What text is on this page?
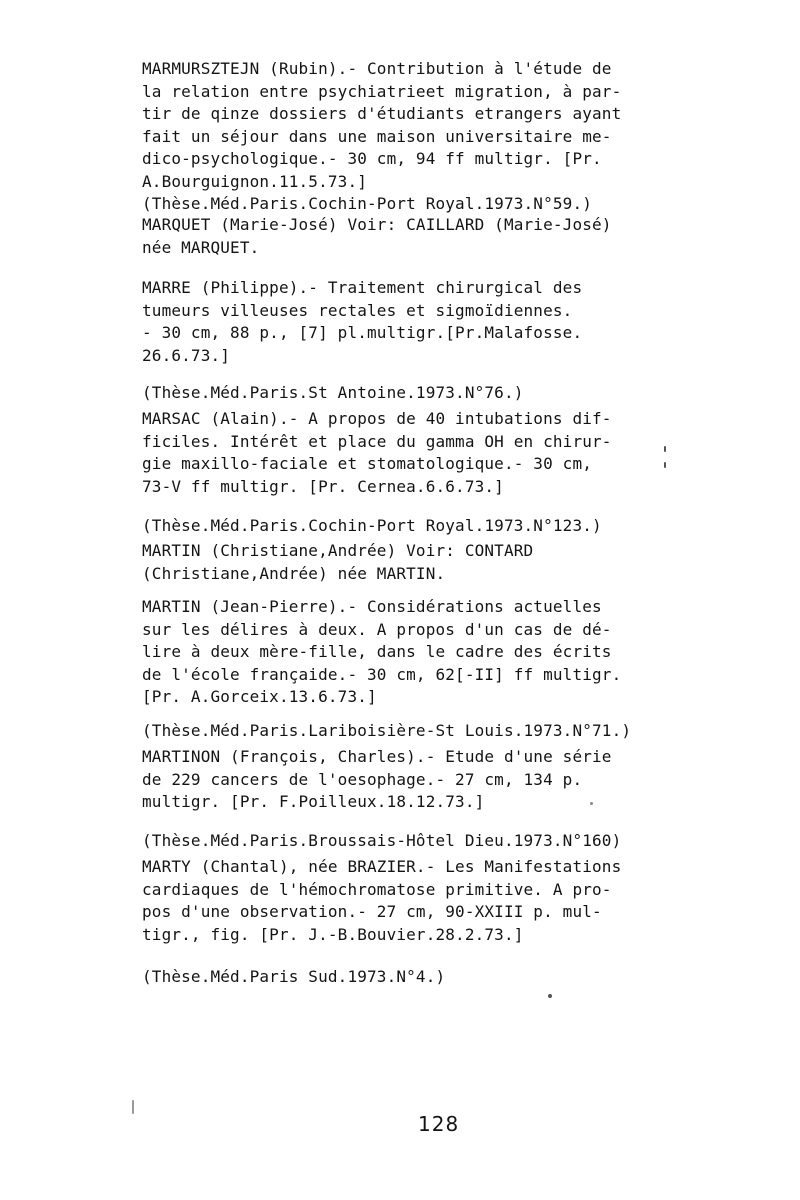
MARMURSZTEJN (Rubin).- Contribution à l'étude de
la relation entre psychiatrieet migration, à par-
tir de qinze dossiers d'étudiants etrangers ayant
fait un séjour dans une maison universitaire me-
dico-psychologique.- 30 cm, 94 ff multigr. [Pr.
A.Bourguignon.11.5.73.]
(Thèse.Méd.Paris.Cochin-Port Royal.1973.N°59.)
MARQUET (Marie-José) Voir: CAILLARD (Marie-José)
née MARQUET.
MARRE (Philippe).- Traitement chirurgical des
tumeurs villeuses rectales et sigmoïdiennes.
- 30 cm, 88 p., [7] pl.multigr.[Pr.Malafosse.
26.6.73.]
(Thèse.Méd.Paris.St Antoine.1973.N°76.)
MARSAC (Alain).- A propos de 40 intubations dif-
ficiles. Intérêt et place du gamma OH en chirur-
gie maxillo-faciale et stomatologique.- 30 cm,
73-V ff multigr. [Pr. Cernea.6.6.73.]
(Thèse.Méd.Paris.Cochin-Port Royal.1973.N°123.)
MARTIN (Christiane,Andrée) Voir: CONTARD
(Christiane,Andrée) née MARTIN.
MARTIN (Jean-Pierre).- Considérations actuelles
sur les délires à deux. A propos d'un cas de dé-
lire à deux mère-fille, dans le cadre des écrits
de l'école françaide.- 30 cm, 62[-II] ff multigr.
[Pr. A.Gorceix.13.6.73.]
(Thèse.Méd.Paris.Lariboisière-St Louis.1973.N°71.)
MARTINON (François, Charles).- Etude d'une série
de 229 cancers de l'oesophage.- 27 cm, 134 p.
multigr. [Pr. F.Poilleux.18.12.73.]
(Thèse.Méd.Paris.Broussais-Hôtel Dieu.1973.N°160)
MARTY (Chantal), née BRAZIER.- Les Manifestations
cardiaques de l'hémochromatose primitive. A pro-
pos d'une observation.- 27 cm, 90-XXIII p. mul-
tigr., fig. [Pr. J.-B.Bouvier.28.2.73.]
(Thèse.Méd.Paris Sud.1973.N°4.)
128
